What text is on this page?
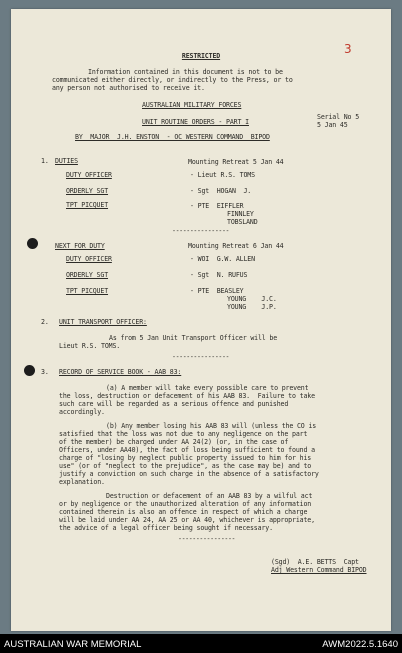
3
RESTRICTED
Information contained in this document is not to be
communicated either directly, or indirectly to the Press, or to
any person not authorised to receive it.
AUSTRALIAN MILITARY FORCES
Serial No 5
UNIT ROUTINE ORDERS - PART I	5 Jan 45
BY  MAJOR  J.H. ENSTON  - OC WESTERN COMMAND  BIPOD
1. DUTIES	Mounting Retreat 5 Jan 44
DUTY OFFICER	- Lieut R.S. TOMS
ORDERLY SGT	- Sgt  HOGAN  J.
TPT PICQUET	- PTE  EIFFLER
FINNLEY
TOBSLAND
----------------
NEXT FOR DUTY	Mounting Retreat 6 Jan 44
DUTY OFFICER	- WOI  G.W. ALLEN
ORDERLY SGT	- Sgt  N. RUFUS
TPT PICQUET	- PTE  BEASLEY
YOUNG    J.C.
YOUNG    J.P.
2. UNIT TRANSPORT OFFICER:
As from 5 Jan Unit Transport Officer will be
Lieut R.S. TOMS.
----------------
3. RECORD OF SERVICE BOOK - AAB 83:
(a) A member will take every possible care to prevent
the loss, destruction or defacement of his AAB 83.  Failure to take
such care will be regarded as a serious offence and punished
accordingly.
(b) Any member losing his AAB 83 will (unless the CO is
satisfied that the loss was not due to any negligence on the part
of the member) be charged under AA 24(2) (or, in the case of
Officers, under AA40), the fact of loss being sufficient to found a
charge of "losing by neglect public property issued to him for his
use" (or of "neglect to the prejudice", as the case may be) and to
justify a conviction on such charge in the absence of a satisfactory
explanation.
Destruction or defacement of an AAB 83 by a wilful act
or by negligence or the unauthorized alteration of any information
contained therein is also an offence in respect of which a charge
will be laid under AA 24, AA 25 or AA 40, whichever is appropriate,
the advice of a legal officer being sought if necessary.
----------------
(Sgd)  A.E. BETTS  Capt
Adj Western Command BIPOD
AUSTRALIAN WAR MEMORIAL	AWM2022.5.1640
